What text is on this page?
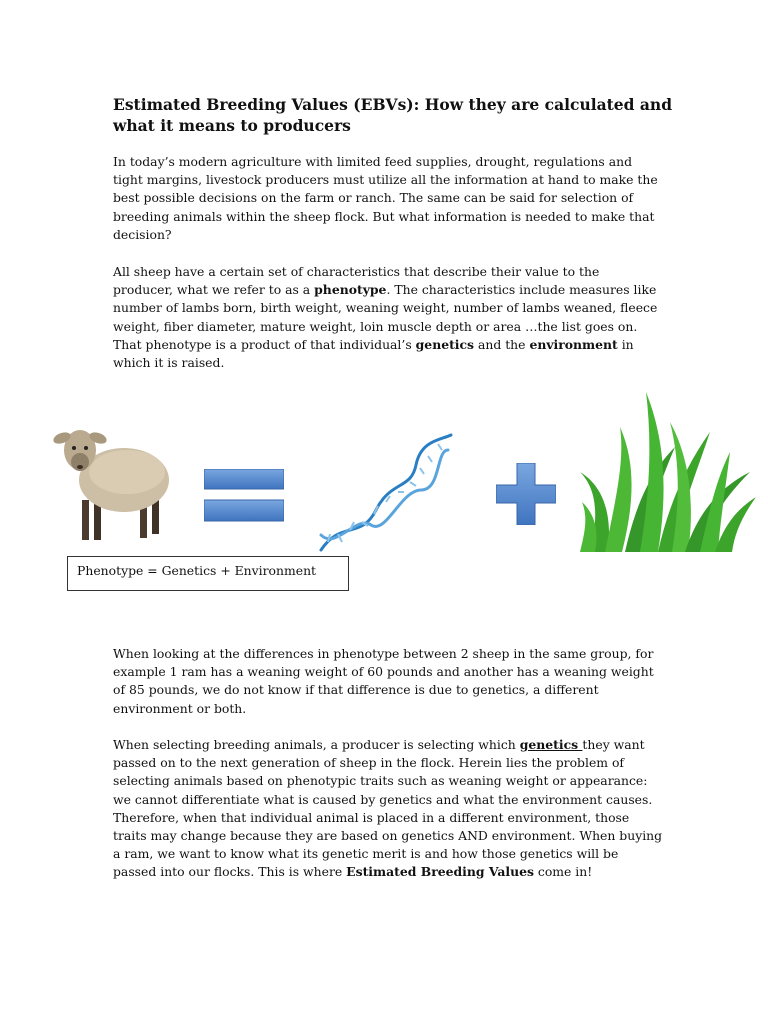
Estimated Breeding Values (EBVs): How they are calculated and what it means to producers

In today’s modern agriculture with limited feed supplies, drought, regulations and tight margins, livestock producers must utilize all the information at hand to make the best possible decisions on the farm or ranch. The same can be said for selection of breeding animals within the sheep flock. But what information is needed to make that decision?

All sheep have a certain set of characteristics that describe their value to the producer, what we refer to as a phenotype. The characteristics include measures like number of lambs born, birth weight, weaning weight, number of lambs weaned, fleece weight, fiber diameter, mature weight, loin muscle depth or area …the list goes on. That phenotype is a product of that individual’s genetics and the environment in which it is raised.

Phenotype = Genetics + Environment

When looking at the differences in phenotype between 2 sheep in the same group, for example 1 ram has a weaning weight of 60 pounds and another has a weaning weight of 85 pounds, we do not know if that difference is due to genetics, a different environment or both.

When selecting breeding animals, a producer is selecting which genetics they want passed on to the next generation of sheep in the flock. Herein lies the problem of selecting animals based on phenotypic traits such as weaning weight or appearance: we cannot differentiate what is caused by genetics and what the environment causes. Therefore, when that individual animal is placed in a different environment, those traits may change because they are based on genetics AND environment. When buying a ram, we want to know what its genetic merit is and how those genetics will be passed into our flocks. This is where Estimated Breeding Values come in!
